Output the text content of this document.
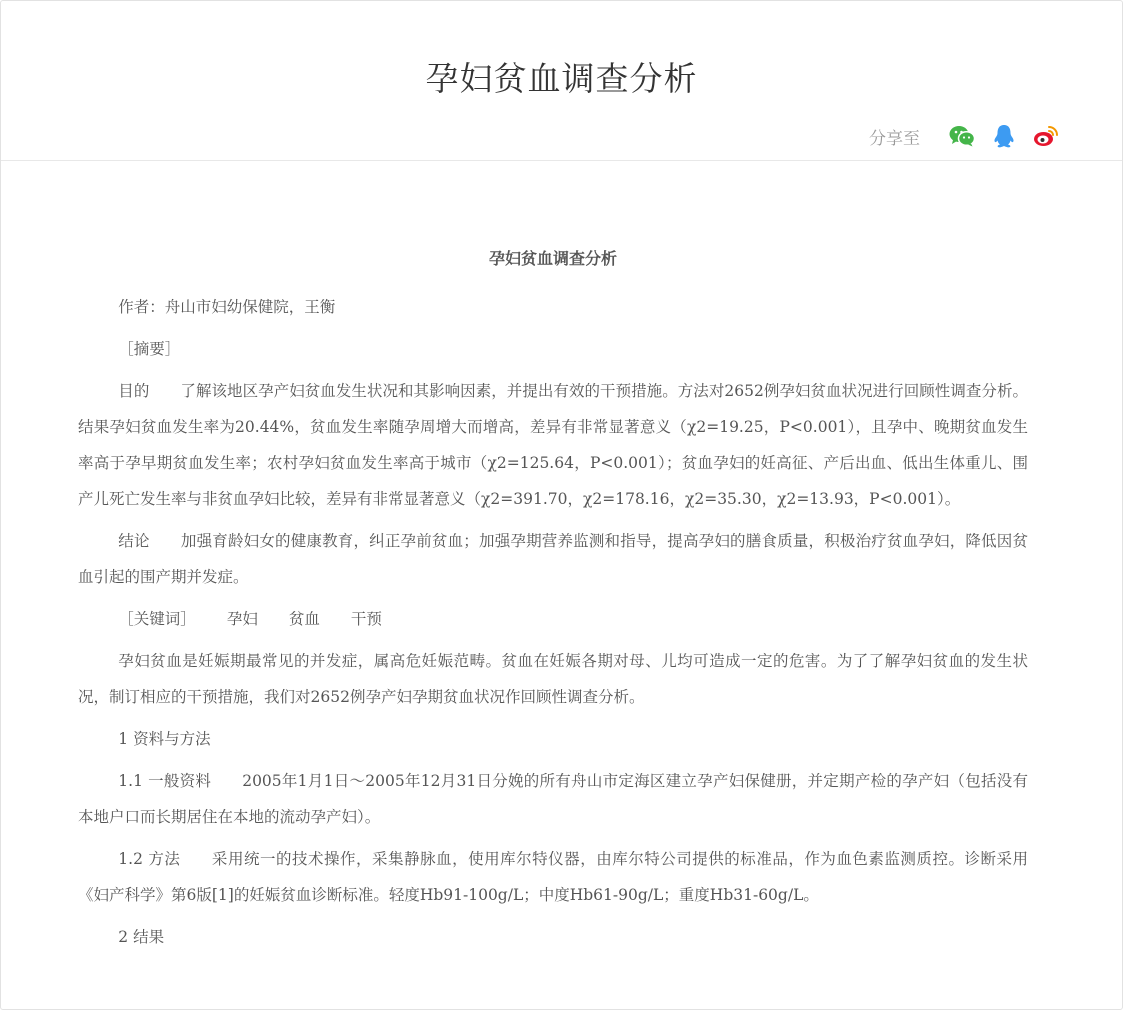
孕妇贫血调查分析
分享至
孕妇贫血调查分析

作者：舟山市妇幼保健院，王衡

［摘要］

目的 了解该地区孕产妇贫血发生状况和其影响因素，并提出有效的干预措施。方法对2652例孕妇贫血状况进行回顾性调查分析。结果孕妇贫血发生率为20.44%，贫血发生率随孕周增大而增高，差异有非常显著意义（χ2=19.25，P<0.001），且孕中、晚期贫血发生率高于孕早期贫血发生率；农村孕妇贫血发生率高于城市（χ2=125.64，P<0.001）；贫血孕妇的妊高征、产后出血、低出生体重儿、围产儿死亡发生率与非贫血孕妇比较，差异有非常显著意义（χ2=391.70，χ2=178.16，χ2=35.30，χ2=13.93，P<0.001）。

结论 加强育龄妇女的健康教育，纠正孕前贫血；加强孕期营养监测和指导，提高孕妇的膳食质量，积极治疗贫血孕妇，降低因贫血引起的围产期并发症。

［关键词］ 孕妇 贫血 干预

孕妇贫血是妊娠期最常见的并发症，属高危妊娠范畴。贫血在妊娠各期对母、儿均可造成一定的危害。为了了解孕妇贫血的发生状况，制订相应的干预措施，我们对2652例孕产妇孕期贫血状况作回顾性调查分析。

1 资料与方法

1.1 一般资料 2005年1月1日～2005年12月31日分娩的所有舟山市定海区建立孕产妇保健册，并定期产检的孕产妇（包括没有本地户口而长期居住在本地的流动孕产妇）。

1.2 方法 采用统一的技术操作，采集静脉血，使用库尔特仪器，由库尔特公司提供的标准品，作为血色素监测质控。诊断采用《妇产科学》第6版[1]的妊娠贫血诊断标准。轻度Hb91-100g/L；中度Hb61-90g/L；重度Hb31-60g/L。

2 结果
